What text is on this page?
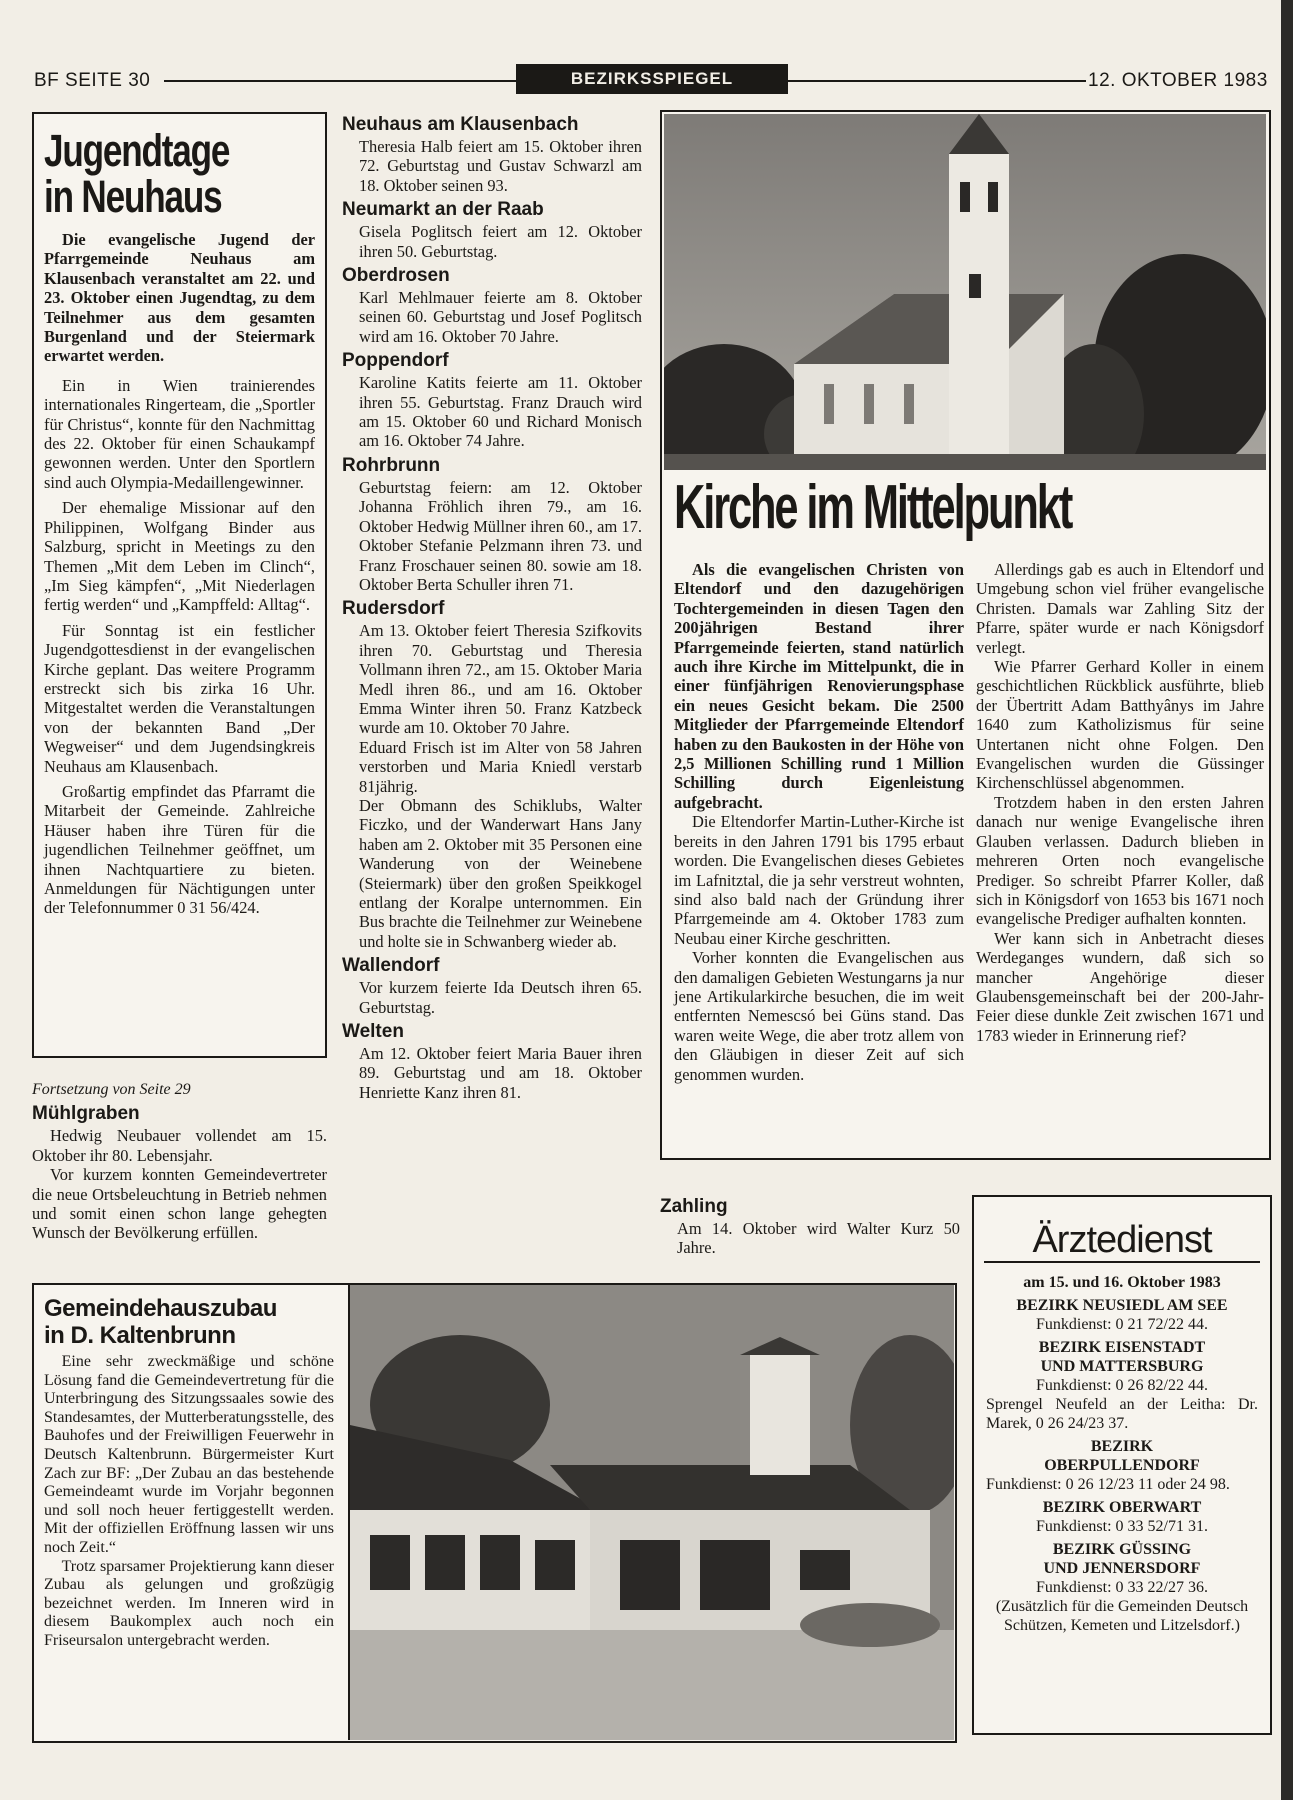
BF SEITE 30	BEZIRKSSPIEGEL	12. OKTOBER 1983
Jugendtage
in Neuhaus

Die evangelische Jugend der Pfarrgemeinde Neuhaus am Klausenbach veranstaltet am 22. und 23. Oktober einen Jugendtag, zu dem Teilnehmer aus dem gesamten Burgenland und der Steiermark erwartet werden.

Ein in Wien trainierendes internationales Ringerteam, die „Sportler für Christus“, konnte für den Nachmittag des 22. Oktober für einen Schaukampf gewonnen werden. Unter den Sportlern sind auch Olympia-Medaillengewinner.

Der ehemalige Missionar auf den Philippinen, Wolfgang Binder aus Salzburg, spricht in Meetings zu den Themen „Mit dem Leben im Clinch“, „Im Sieg kämpfen“, „Mit Niederlagen fertig werden“ und „Kampffeld: Alltag“.

Für Sonntag ist ein festlicher Jugendgottesdienst in der evangelischen Kirche geplant. Das weitere Programm erstreckt sich bis zirka 16 Uhr. Mitgestaltet werden die Veranstaltungen von der bekannten Band „Der Wegweiser“ und dem Jugendsingkreis Neuhaus am Klausenbach.

Großartig empfindet das Pfarramt die Mitarbeit der Gemeinde. Zahlreiche Häuser haben ihre Türen für die jugendlichen Teilnehmer geöffnet, um ihnen Nachtquartiere zu bieten. Anmeldungen für Nächtigungen unter der Telefonnummer 0 31 56/424.

Fortsetzung von Seite 29
Mühlgraben

Hedwig Neubauer vollendet am 15. Oktober ihr 80. Lebensjahr.

Vor kurzem konnten Gemeindevertreter die neue Ortsbeleuchtung in Betrieb nehmen und somit einen schon lange gehegten Wunsch der Bevölkerung erfüllen.

Neuhaus am Klausenbach

Theresia Halb feiert am 15. Oktober ihren 72. Geburtstag und Gustav Schwarzl am 18. Oktober seinen 93.

Neumarkt an der Raab

Gisela Poglitsch feiert am 12. Oktober ihren 50. Geburtstag.

Oberdrosen

Karl Mehlmauer feierte am 8. Oktober seinen 60. Geburtstag und Josef Poglitsch wird am 16. Oktober 70 Jahre.

Poppendorf

Karoline Katits feierte am 11. Oktober ihren 55. Geburtstag. Franz Drauch wird am 15. Oktober 60 und Richard Monisch am 16. Oktober 74 Jahre.

Rohrbrunn

Geburtstag feiern: am 12. Oktober Johanna Fröhlich ihren 79., am 16. Oktober Hedwig Müllner ihren 60., am 17. Oktober Stefanie Pelzmann ihren 73. und Franz Froschauer seinen 80. sowie am 18. Oktober Berta Schuller ihren 71.

Rudersdorf

Am 13. Oktober feiert Theresia Szifkovits ihren 70. Geburtstag und Theresia Vollmann ihren 72., am 15. Oktober Maria Medl ihren 86., und am 16. Oktober Emma Winter ihren 50. Franz Katzbeck wurde am 10. Oktober 70 Jahre.

Eduard Frisch ist im Alter von 58 Jahren verstorben und Maria Kniedl verstarb 81jährig.

Der Obmann des Schiklubs, Walter Ficzko, und der Wanderwart Hans Jany haben am 2. Oktober mit 35 Personen eine Wanderung von der Weinebene (Steiermark) über den großen Speikkogel entlang der Koralpe unternommen. Ein Bus brachte die Teilnehmer zur Weinebene und holte sie in Schwanberg wieder ab.

Wallendorf

Vor kurzem feierte Ida Deutsch ihren 65. Geburtstag.

Welten

Am 12. Oktober feiert Maria Bauer ihren 89. Geburtstag und am 18. Oktober Henriette Kanz ihren 81.

Kirche im Mittelpunkt

Als die evangelischen Christen von Eltendorf und den dazugehörigen Tochtergemeinden in diesen Tagen den 200jährigen Bestand ihrer Pfarrgemeinde feierten, stand natürlich auch ihre Kirche im Mittelpunkt, die in einer fünfjährigen Renovierungsphase ein neues Gesicht bekam. Die 2500 Mitglieder der Pfarrgemeinde Eltendorf haben zu den Baukosten in der Höhe von 2,5 Millionen Schilling rund 1 Million Schilling durch Eigenleistung aufgebracht.

Die Eltendorfer Martin-Luther-Kirche ist bereits in den Jahren 1791 bis 1795 erbaut worden. Die Evangelischen dieses Gebietes im Lafnitztal, die ja sehr verstreut wohnten, sind also bald nach der Gründung ihrer Pfarrgemeinde am 4. Oktober 1783 zum Neubau einer Kirche geschritten.

Vorher konnten die Evangelischen aus den damaligen Gebieten Westungarns ja nur jene Artikularkirche besuchen, die im weit entfernten Nemescsó bei Güns stand. Das waren weite Wege, die aber trotz allem von den Gläubigen in dieser Zeit auf sich genommen wurden.

Allerdings gab es auch in Eltendorf und Umgebung schon viel früher evangelische Christen. Damals war Zahling Sitz der Pfarre, später wurde er nach Königsdorf verlegt.

Wie Pfarrer Gerhard Koller in einem geschichtlichen Rückblick ausführte, blieb der Übertritt Adam Batthyânys im Jahre 1640 zum Katholizismus für seine Untertanen nicht ohne Folgen. Den Evangelischen wurden die Güssinger Kirchenschlüssel abgenommen.

Trotzdem haben in den ersten Jahren danach nur wenige Evangelische ihren Glauben verlassen. Dadurch blieben in mehreren Orten noch evangelische Prediger. So schreibt Pfarrer Koller, daß sich in Königsdorf von 1653 bis 1671 noch evangelische Prediger aufhalten konnten.

Wer kann sich in Anbetracht dieses Werdeganges wundern, daß sich so mancher Angehörige dieser Glaubensgemeinschaft bei der 200-Jahr-Feier diese dunkle Zeit zwischen 1671 und 1783 wieder in Erinnerung rief?

Zahling

Am 14. Oktober wird Walter Kurz 50 Jahre.	Ärztedienst
am 15. und 16. Oktober 1983
BEZIRK NEUSIEDL AM SEE
Funkdienst: 0 21 72/22 44.
BEZIRK EISENSTADT
UND MATTERSBURG
Funkdienst: 0 26 82/22 44.
Sprengel Neufeld an der Leitha: Dr. Marek, 0 26 24/23 37.
BEZIRK
OBERPULLENDORF
Funkdienst: 0 26 12/23 11 oder 24 98.
BEZIRK OBERWART
Funkdienst: 0 33 52/71 31.
BEZIRK GÜSSING
UND JENNERSDORF
Funkdienst: 0 33 22/27 36.
(Zusätzlich für die Gemeinden Deutsch Schützen, Kemeten und Litzelsdorf.)
Gemeindehauszubau
in D. Kaltenbrunn

Eine sehr zweckmäßige und schöne Lösung fand die Gemeindevertretung für die Unterbringung des Sitzungssaales sowie des Standesamtes, der Mutterberatungsstelle, des Bauhofes und der Freiwilligen Feuerwehr in Deutsch Kaltenbrunn. Bürgermeister Kurt Zach zur BF: „Der Zubau an das bestehende Gemeindeamt wurde im Vorjahr begonnen und soll noch heuer fertiggestellt werden. Mit der offiziellen Eröffnung lassen wir uns noch Zeit.“

Trotz sparsamer Projektierung kann dieser Zubau als gelungen und großzügig bezeichnet werden. Im Inneren wird in diesem Baukomplex auch noch ein Friseursalon untergebracht werden.
